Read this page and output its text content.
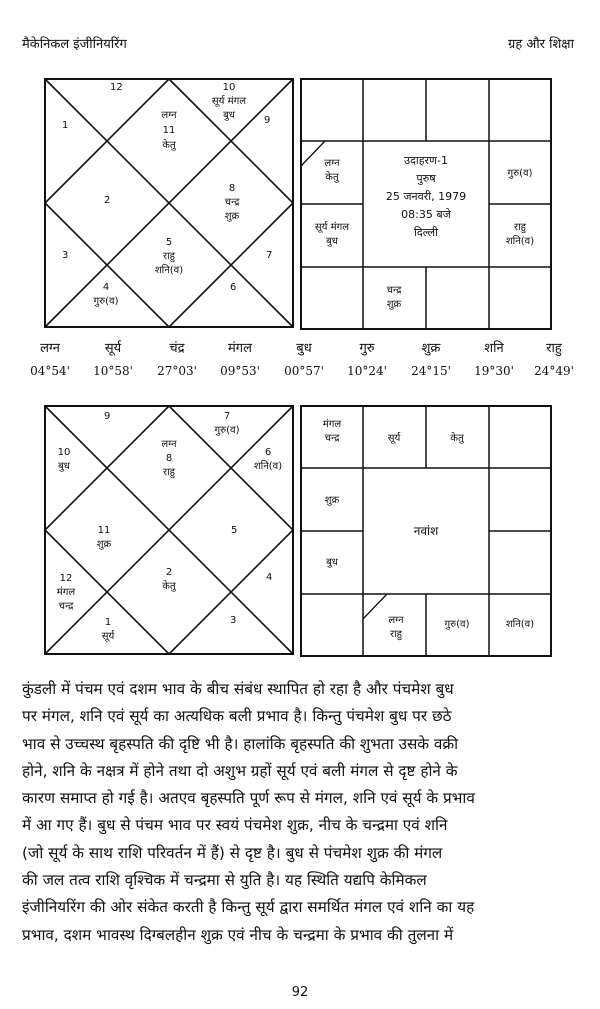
मैकेनिकल इंजीनियरिंग	ग्रह और शिक्षा
लग्न
11
केतु
12
1
10
सूर्य मंगल
बुध	9
2
8
चन्द्र
शुक्र
3	7
5
राहु
शनि(व)
4
गुरु(व)
6
लग्न
केतु	गुरु(व)
सूर्य मंगल
बुध
राहु
शनि(व)
चन्द्र
शुक्र
उदाहरण-1
पुरुष
25 जनवरी, 1979
08:35 बजे
दिल्ली
लग्न
04°54'
सूर्य
10°58'
चंद्र
27°03'
मंगल
09°53'
बुध
00°57'
गुरु
10°24'
शुक्र
24°15'
शनि
19°30'
राहु
24°49'
लग्न
8
राहु
9	7
गुरु(व)
10
बुध
6
शनि(व)
11
शुक्र
5
12
मंगल
चन्द्र
4
2
केतु
1
सूर्य
3
मंगल
चन्द्र	सूर्य	केतु
शुक्र
बुध
लग्न
राहु
गुरु(व)	शनि(व)
नवांश
कुंडली में पंचम एवं दशम भाव के बीच संबंध स्थापित हो रहा है और पंचमेश बुध
पर मंगल, शनि एवं सूर्य का अत्यधिक बली प्रभाव है। किन्तु पंचमेश बुध पर छठे
भाव से उच्चस्थ बृहस्पति की दृष्टि भी है। हालांकि बृहस्पति की शुभता उसके वक्री
होने, शनि के नक्षत्र में होने तथा दो अशुभ ग्रहों सूर्य एवं बली मंगल से दृष्ट होने के
कारण समाप्त हो गई है। अतएव बृहस्पति पूर्ण रूप से मंगल, शनि एवं सूर्य के प्रभाव
में आ गए हैं। बुध से पंचम भाव पर स्वयं पंचमेश शुक्र, नीच के चन्द्रमा एवं शनि
(जो सूर्य के साथ राशि परिवर्तन में हैं) से दृष्ट है। बुध से पंचमेश शुक्र की मंगल
की जल तत्व राशि वृश्चिक में चन्द्रमा से युति है। यह स्थिति यद्यपि केमिकल
इंजीनियरिंग की ओर संकेत करती है किन्तु सूर्य द्वारा समर्थित मंगल एवं शनि का यह
प्रभाव, दशम भावस्थ दिग्बलहीन शुक्र एवं नीच के चन्द्रमा के प्रभाव की तुलना में
92
